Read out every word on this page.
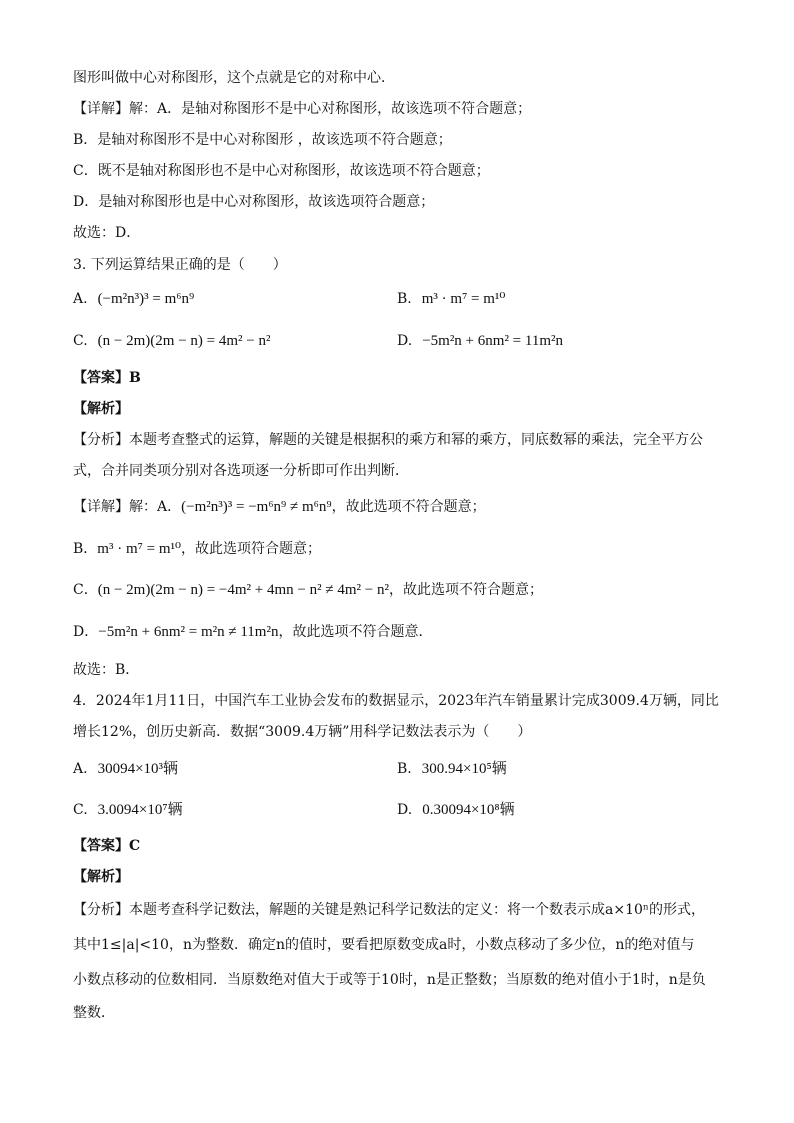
图形叫做中心对称图形，这个点就是它的对称中心．
【详解】解：A．是轴对称图形不是中心对称图形，故该选项不符合题意；
B．是轴对称图形不是中心对称图形 ，故该选项不符合题意；
C．既不是轴对称图形也不是中心对称图形，故该选项不符合题意；
D．是轴对称图形也是中心对称图形，故该选项符合题意；
故选：D．
3. 下列运算结果正确的是（　　）
A. (−m²n³)³ = m⁶n⁹	B. m³ · m⁷ = m¹⁰
C. (n − 2m)(2m − n) = 4m² − n²	D. −5m²n + 6nm² = 11m²n
【答案】B
【解析】
【分析】本题考查整式的运算，解题的关键是根据积的乘方和幂的乘方，同底数幂的乘法，完全平方公
式，合并同类项分别对各选项逐一分析即可作出判断．
【详解】解：A．(−m²n³)³ = −m⁶n⁹ ≠ m⁶n⁹，故此选项不符合题意；
B．m³ · m⁷ = m¹⁰，故此选项符合题意；
C．(n − 2m)(2m − n) = −4m² + 4mn − n² ≠ 4m² − n²，故此选项不符合题意；
D．−5m²n + 6nm² = m²n ≠ 11m²n，故此选项不符合题意．
故选：B．
4．2024年1月11日，中国汽车工业协会发布的数据显示，2023年汽车销量累计完成3009.4万辆，同比
增长12%，创历史新高．数据“3009.4万辆”用科学记数法表示为（　　）
A. 30094×10³辆	B. 300.94×10⁵辆
C. 3.0094×10⁷辆	D. 0.30094×10⁸辆
【答案】C
【解析】
【分析】本题考查科学记数法，解题的关键是熟记科学记数法的定义：将一个数表示成a×10ⁿ的形式，
其中1≤|a|<10，n为整数．确定n的值时，要看把原数变成a时，小数点移动了多少位，n的绝对值与
小数点移动的位数相同．当原数绝对值大于或等于10时，n是正整数；当原数的绝对值小于1时，n是负
整数．
